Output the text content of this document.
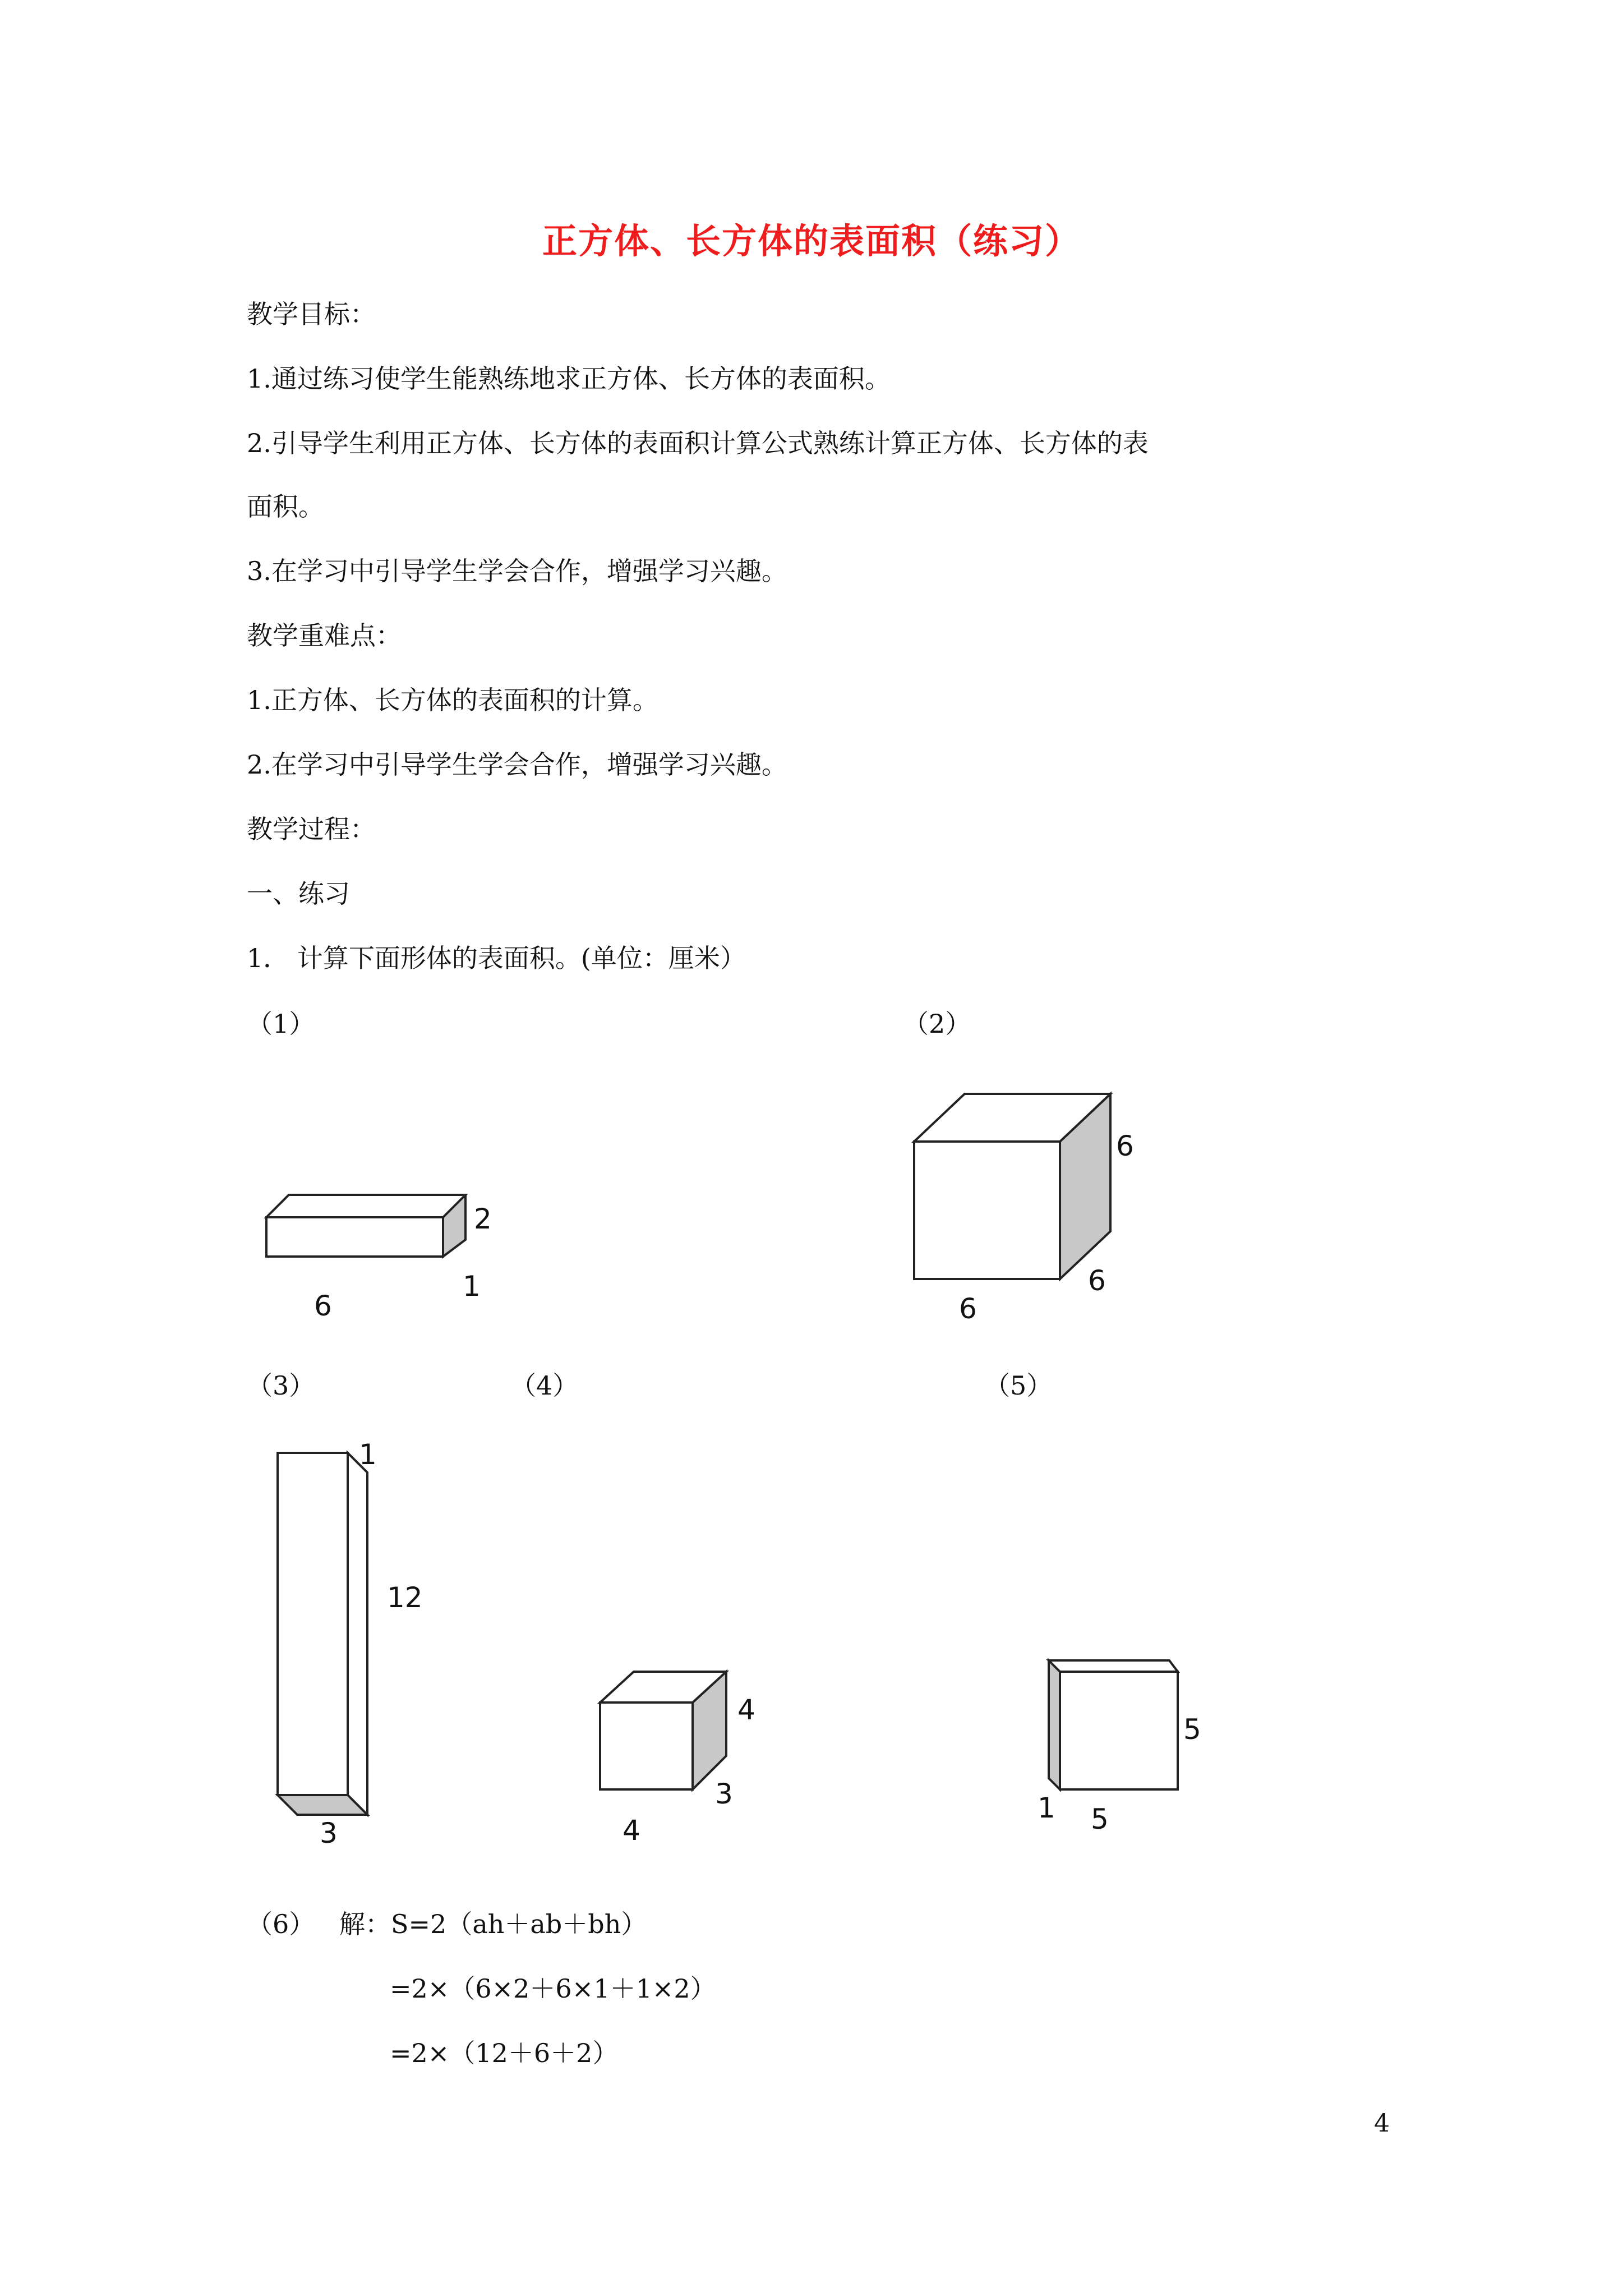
正方体、长方体的表面积（练习）
教学目标：
1.通过练习使学生能熟练地求正方体、长方体的表面积。
2.引导学生利用正方体、长方体的表面积计算公式熟练计算正方体、长方体的表
面积。
3.在学习中引导学生学会合作，增强学习兴趣。
教学重难点：
1.正方体、长方体的表面积的计算。
2.在学习中引导学生学会合作，增强学习兴趣。
教学过程：
一、练习
1． 计算下面形体的表面积。(单位：厘米）
（1）
2
1
6
（2）
6
6
6
（3）	（4）	（5）
1
12
3
4
3
4
5
1 5
（6） 解：S=2（ah＋ab＋bh）
=2×（6×2＋6×1＋1×2）
=2×（12＋6＋2）
4
